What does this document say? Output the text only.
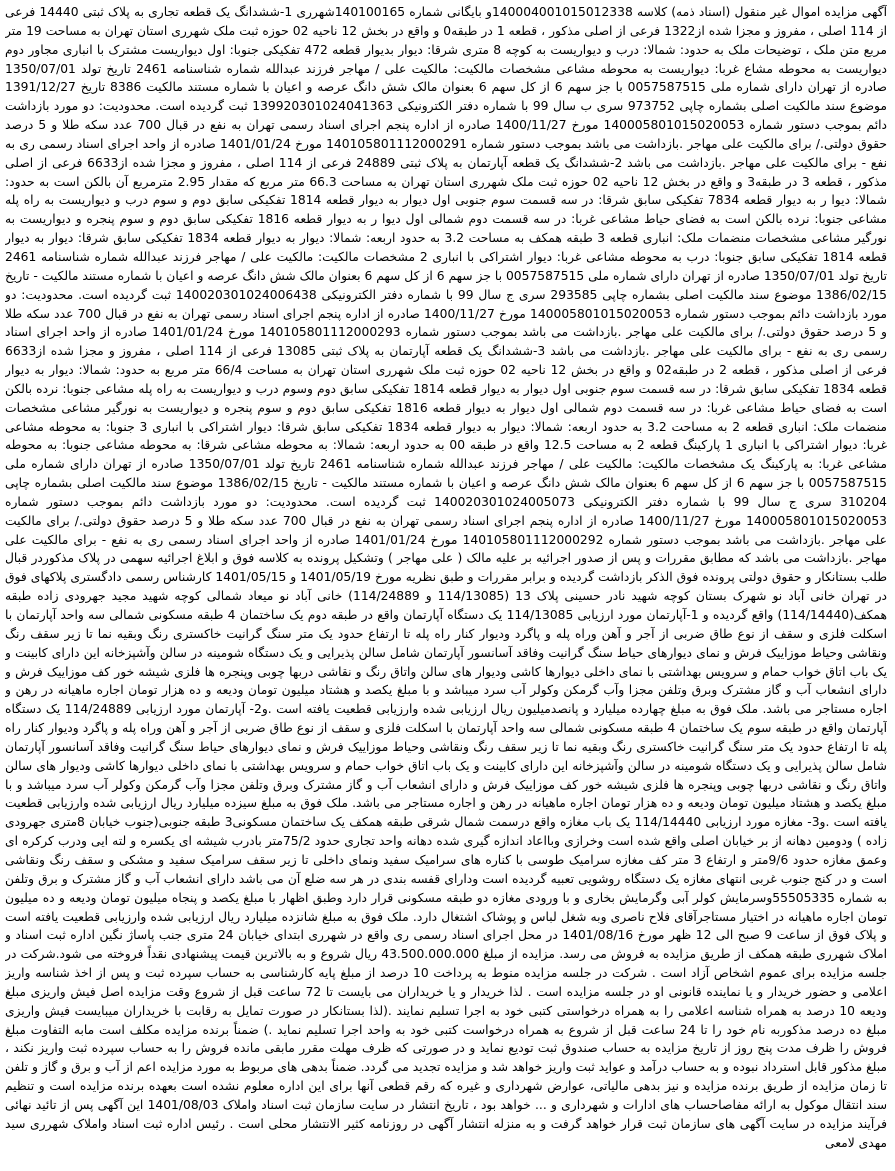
آگهی مزایده اموال غیر منقول (اسناد ذمه) کلاسه 140004001015012338و بایگانی شماره 140100165شهرری 1-ششدانگ یک قطعه تجاری به پلاک ثبتی 14440 فرعی از 114 اصلی ، مفروز و مجزا شده از1322 فرعی از اصلی مذکور ، قطعه 1 در طبقه0 و واقع در بخش 12 ناحیه 02 حوزه ثبت ملک شهرری استان تهران به مساحت 19 متر مربع متن ملک ، توضیحات ملک به حدود: شمالا: درب و دیواریست به کوچه 8 متری شرقا: دیوار بدیوار قطعه 472 تفکیکی جنوبا: اول دیواریست مشترک با انباری مجاور دوم دیواریست به محوطه مشاع غربا: دیواریست به محوطه مشاعی مشخصات مالکیت: مالکیت علی / مهاجر فرزند عبدالله شماره شناسنامه 2461 تاریخ تولد 1350/07/01 صادره از تهران دارای شماره ملی 0057587515 با جز سهم 6 از کل سهم 6 بعنوان مالک شش دانگ عرصه و اعیان با شماره مستند مالکیت 8386 تاریخ 1391/12/27 موضوع سند مالکیت اصلی بشماره چاپی 973752 سری ب سال 99 با شماره دفتر الکترونیکی 139920301024041363 ثبت گردیده است. محدودیت: دو مورد بازداشت دائم بموجب دستور شماره 140005801015020053 مورخ 1400/11/27 صادره از اداره پنجم اجرای اسناد رسمی تهران به نفع در قبال 700 عدد سکه طلا و 5 درصد حقوق دولتی./ برای مالکیت علی مهاجر .بازداشت می باشد بموجب دستور شماره 140105801112000291 مورخ 1401/01/24 صادره از واحد اجرای اسناد رسمی ری به نفع - برای مالکیت علی مهاجر .بازداشت می باشد 2-ششدانگ یک قطعه آپارتمان به پلاک ثبتی 24889 فرعی از 114 اصلی ، مفروز و مجزا شده از6633 فرعی از اصلی مذکور ، قطعه 3 در طبقه3 و واقع در بخش 12 ناحیه 02 حوزه ثبت ملک شهرری استان تهران به مساحت 66.3 متر مربع که مقدار 2.95 مترمربع آن بالکن است به حدود: شمالا: دیوا ر به دیوار قطعه 7834 تفکیکی سابق شرقا: در سه قسمت سوم جنوبی اول دیوار به دیوار قطعه 1814 تفکیکی سابق دوم و سوم درب و دیواریست به راه پله مشاعی جنوبا: نرده بالکن است به فضای حیاط مشاعی غربا: در سه قسمت دوم شمالی اول دیوا ر به دیوار قطعه 1816 تفکیکی سابق دوم و سوم پنجره و دیواریست به نورگیر مشاعی مشخصات منضمات ملک: انباری قطعه 3 طبقه همکف به مساحت 3.2 به حدود اربعه: شمالا: دیوار به دیوار قطعه 1834 تفکیکی سابق شرقا: دیوار به دیوار قطعه 1814 تفکیکی سابق جنوبا: درب به محوطه مشاعی غربا: دیوار اشتراکی با انباری 2 مشخصات مالکیت: مالکیت علی / مهاجر فرزند عبدالله شماره شناسنامه 2461 تاریخ تولد 1350/07/01 صادره از تهران دارای شماره ملی 0057587515 با جز سهم 6 از کل سهم 6 بعنوان مالک شش دانگ عرصه و اعیان با شماره مستند مالکیت - تاریخ 1386/02/15 موضوع سند مالکیت اصلی بشماره چاپی 293585 سری ج سال 99 با شماره دفتر الکترونیکی 140020301024006438 ثبت گردیده است. محدودیت: دو مورد بازداشت دائم بموجب دستور شماره 140005801015020053 مورخ 1400/11/27 صادره از اداره پنجم اجرای اسناد رسمی تهران به نفع در قبال 700 عدد سکه طلا و 5 درصد حقوق دولتی./ برای مالکیت علی مهاجر .بازداشت می باشد بموجب دستور شماره 140105801112000293 مورخ 1401/01/24 صادره از واحد اجرای اسناد رسمی ری به نفع - برای مالکیت علی مهاجر .بازداشت می باشد 3-ششدانگ یک قطعه آپارتمان به پلاک ثبتی 13085 فرعی از 114 اصلی ، مفروز و مجزا شده از6633 فرعی از اصلی مذکور ، قطعه 2 در طبقه02 و واقع در بخش 12 ناحیه 02 حوزه ثبت ملک شهرری استان تهران به مساحت 66/4 متر مربع به حدود: شمالا: دیوار به دیوار قطعه 1834 تفکیکی سابق شرقا: در سه قسمت سوم جنوبی اول دیوار به دیوار قطعه 1814 تفکیکی سابق دوم وسوم درب و دیواریست به راه پله مشاعی جنوبا: نرده بالکن است به فضای حیاط مشاعی غربا: در سه قسمت دوم شمالی اول دیوار به دیوار قطعه 1816 تفکیکی سابق دوم و سوم پنجره و دیواریست به نورگیر مشاعی مشخصات منضمات ملک: انباری قطعه 2 به مساحت 3.2 به حدود اربعه: شمالا: دیوار به دیوار قطعه 1834 تفکیکی سابق شرقا: دیوار اشتراکی با انباری 3 جنوبا: به محوطه مشاعی غربا: دیوار اشتراکی با انباری 1 پارکینگ قطعه 2 به مساحت 12.5 واقع در طبقه 00 به حدود اربعه: شمالا: به محوطه مشاعی شرقا: به محوطه مشاعی جنوبا: به محوطه مشاعی غربا: به پارکینگ یک مشخصات مالکیت: مالکیت علی / مهاجر فرزند عبدالله شماره شناسنامه 2461 تاریخ تولد 1350/07/01 صادره از تهران دارای شماره ملی 0057587515 با جز سهم 6 از کل سهم 6 بعنوان مالک شش دانگ عرصه و اعیان با شماره مستند مالکیت - تاریخ 1386/02/15 موضوع سند مالکیت اصلی بشماره چاپی 310204 سری ج سال 99 با شماره دفتر الکترونیکی 140020301024005073 ثبت گردیده است. محدودیت: دو مورد بازداشت دائم بموجب دستور شماره 140005801015020053 مورخ 1400/11/27 صادره از اداره پنجم اجرای اسناد رسمی تهران به نفع در قبال 700 عدد سکه طلا و 5 درصد حقوق دولتی./ برای مالکیت علی مهاجر .بازداشت می باشد بموجب دستور شماره 140105801112000292 مورخ 1401/01/24 صادره از واحد اجرای اسناد رسمی ری به نفع - برای مالکیت علی مهاجر .بازداشت می باشد که مطابق مقررات و پس از صدور اجرائیه بر علیه مالک ( علی مهاجر ) وتشکیل پرونده به کلاسه فوق و ابلاغ اجرائیه سهمی در پلاک مذکوردر قبال طلب بستانکار و حقوق دولتی پرونده فوق الذکر بازداشت گردیده و برابر مقررات و طبق نظریه مورخ 1401/05/19 و 1401/05/15 کارشناس رسمی دادگستری پلاکهای فوق در تهران خانی آباد نو شهرک بستان کوچه شهید نادر حسینی پلاک 13 (114/13085 و 114/24889) خانی آباد نو میعاد شمالی کوچه شهید مجید جهرودی زاده طبقه همکف(114/14440) واقع گردیده و 1-آپارتمان مورد ارزیابی 114/13085 یک دستگاه آپارتمان واقع در طبقه دوم یک ساختمان 4 طبقه مسکونی شمالی سه واحد آپارتمان با اسکلت فلزی و سقف از نوع طاق ضربی از آجر و آهن وراه پله و پاگرد ودیوار کنار راه پله تا ارتفاع حدود یک متر سنگ گرانیت خاکستری رنگ وبقیه نما تا زیر سقف رنگ ونقاشی وحیاط موزاییک فرش و نمای دیوارهای حیاط سنگ گرانیت وفاقد آسانسور آپارتمان شامل سالن پذیرایی و یک دستگاه شومینه در سالن وآشپزخانه این دارای کابینت و یک باب اتاق خواب حمام و سرویس بهداشتی با نمای داخلی دیوارها کاشی ودیوار های سالن واتاق رنگ و نقاشی دربها چوبی وپنجره ها فلزی شیشه خور کف موزاییک فرش و دارای انشعاب آب و گاز مشترک وبرق وتلفن مجزا وآب گرمکن وکولر آب سرد میباشد و با مبلغ یکصد و هشتاد میلیون تومان ودیعه و ده هزار تومان اجاره ماهیانه در رهن و اجاره مستاجر می باشد. ملک فوق به مبلغ چهارده میلیارد و پانصدمیلیون ریال ارزیابی شده وارزیابی قطعیت یافته است .و2- آپارتمان مورد ارزیابی 114/24889 یک دستگاه آپارتمان واقع در طبقه سوم یک ساختمان 4 طبقه مسکونی شمالی سه واحد آپارتمان با اسکلت فلزی و سقف از نوع طاق ضربی از آجر و آهن وراه پله و پاگرد ودیوار کنار راه پله تا ارتفاع حدود یک متر سنگ گرانیت خاکستری رنگ وبقیه نما تا زیر سقف رنگ ونقاشی وحیاط موزاییک فرش و نمای دیوارهای حیاط سنگ گرانیت وفاقد آسانسور آپارتمان شامل سالن پذیرایی و یک دستگاه شومینه در سالن وآشپزخانه این دارای کابینت و یک باب اتاق خواب حمام و سرویس بهداشتی با نمای داخلی دیوارها کاشی ودیوار های سالن واتاق رنگ و نقاشی دربها چوبی وپنجره ها فلزی شیشه خور کف موزاییک فرش و دارای انشعاب آب و گاز مشترک وبرق وتلفن مجزا وآب گرمکن وکولر آب سرد میباشد و با مبلغ یکصد و هشتاد میلیون تومان ودیعه و ده هزار تومان اجاره ماهیانه در رهن و اجاره مستاجر می باشد. ملک فوق به مبلغ سیزده میلیارد ریال ارزیابی شده وارزیابی قطعیت یافته است .و3- مغازه مورد ارزیابی 114/14440 یک باب مغازه واقع درسمت شمال شرقی طبقه همکف یک ساختمان مسکونی3 طبقه جنوبی(جنوب خیابان 8متری جهرودی زاده ) ودومین دهانه از بر خیابان اصلی واقع شده است وخرازی وبااعاد اندازه گیری شده دهانه واحد تجاری حدود 75/2متر بادرب شیشه ای یکسره و لته ایی ودرب کرکره ای وعمق مغازه حدود 9/6متر و ارتفاع 3 متر کف مغازه سرامیک طوسی با کناره های سرامیک سفید ونمای داخلی تا زیر سقف سرامیک سفید و مشکی و سقف رنگ ونقاشی است و در کنج جنوب غربی انتهای مغازه یک دستگاه روشویی تعبیه گردیده است ودارای قفسه بندی در هر سه ضلع آن می باشد دارای انشعاب آب و گاز مشترک و برق وتلفن به شماره 55505335وسرمایش کولر آبی وگرمایش بخاری و با ورودی مغازه دو طبقه مسکونی قرار دارد وطبق اظهار با مبلغ یکصد و پنجاه میلیون تومان ودیعه و ده میلیون تومان اجاره ماهیانه در اختیار مستاجرآقای فلاح ناصری وبه شغل لباس و پوشاک اشتغال دارد. ملک فوق به مبلغ شانزده میلیارد ریال ارزیابی شده وارزیابی قطعیت یافته است و پلاک فوق از ساعت 9 صبح الی 12 ظهر مورخ 1401/08/16 در محل اجرای اسناد رسمی ری واقع در شهرری ابتدای خیابان 24 متری جنب پاساژ نگین اداره ثبت اسناد و املاک شهرری طبقه همکف از طریق مزایده به فروش می رسد. مزایده از مبلغ 43.500.000.000 ریال شروع و به بالاترین قیمت پیشنهادی نقداً فروخته می شود.شرکت در جلسه مزایده برای عموم اشخاص آزاد است . شرکت در جلسه مزایده منوط به پرداخت 10 درصد از مبلغ پایه کارشناسی به حساب سپرده ثبت و پس از اخذ شناسه واریز اعلامی و حضور خریدار و یا نماینده قانونی او در جلسه مزایده است . لذا خریدار و یا خریداران می بایست تا 72 ساعت قبل از شروع وقت مزایده اصل فیش واریزی مبلغ ودیعه 10 درصد به همراه شناسه اعلامی را به همراه درخواستی کتبی خود به اجرا تسلیم نمایند .(لذا بستانکار در صورت تمایل به رقابت با خریداران میبایست فیش واریزی مبلغ ده درصد مذکوربه نام خود را تا 24 ساعت قبل از شروع به همراه درخواست کتبی خود به واحد اجرا تسلیم نماید .) ضمناً برنده مزایده مکلف است مابه التفاوت مبلغ فروش را ظرف مدت پنج روز از تاریخ مزایده به حساب صندوق ثبت تودیع نماید و در صورتی که ظرف مهلت مقرر مابقی مانده فروش را به حساب سپرده ثبت واریز نکند ، مبلغ مذکور قابل استرداد نبوده و به حساب درآمد و عواید ثبت واریز خواهد شد و مزایده تجدید می گردد. ضمناً بدهی های مربوط به مورد مزایده اعم از آب و برق و گاز و تلفن تا زمان مزایده از طریق برنده مزایده و نیز بدهی مالیاتی، عوارض شهرداری و غیره که رقم قطعی آنها برای این اداره معلوم نشده است بعهده برنده مزایده است و تنظیم سند انتقال موکول به ارائه مفاصاحساب های ادارات و شهرداری و ... خواهد بود ، تاریخ انتشار در سایت سازمان ثبت اسناد واملاک 1401/08/03 این آگهی پس از تائید نهائی فرآیند مزایده در سایت آگهی های سازمان ثبت قرار خواهد گرفت و به منزله انتشار آگهی در روزنامه کثیر الانتشار محلی است . رئیس اداره ثبت اسناد واملاک شهرری سید مهدی لامعی
